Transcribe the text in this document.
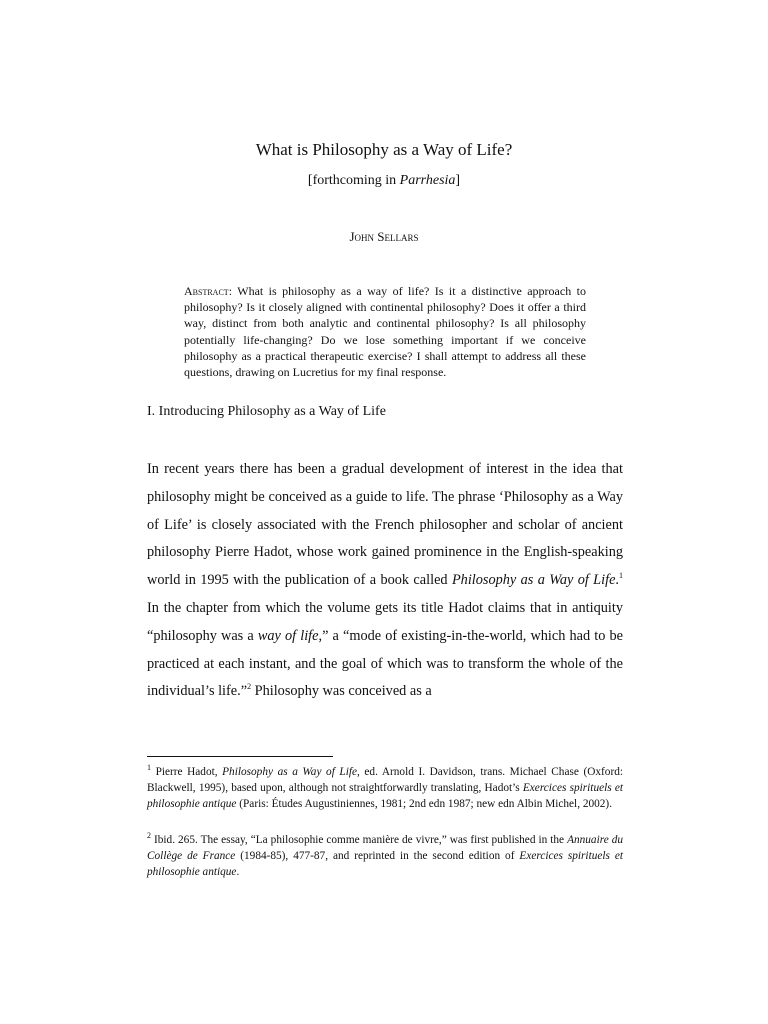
What is Philosophy as a Way of Life?
[forthcoming in Parrhesia]
John Sellars
Abstract: What is philosophy as a way of life? Is it a distinctive approach to philosophy? Is it closely aligned with continental philosophy? Does it offer a third way, distinct from both analytic and continental philosophy? Is all philosophy potentially life-changing? Do we lose something important if we conceive philosophy as a practical therapeutic exercise? I shall attempt to address all these questions, drawing on Lucretius for my final response.
I. Introducing Philosophy as a Way of Life
In recent years there has been a gradual development of interest in the idea that philosophy might be conceived as a guide to life. The phrase ‘Philosophy as a Way of Life’ is closely associated with the French philosopher and scholar of ancient philosophy Pierre Hadot, whose work gained prominence in the English-speaking world in 1995 with the publication of a book called Philosophy as a Way of Life.$^1$ In the chapter from which the volume gets its title Hadot claims that in antiquity “philosophy was a way of life,” a “mode of existing-in-the-world, which had to be practiced at each instant, and the goal of which was to transform the whole of the individual’s life.”$^2$ Philosophy was conceived as a
$^1$ Pierre Hadot, Philosophy as a Way of Life, ed. Arnold I. Davidson, trans. Michael Chase (Oxford: Blackwell, 1995), based upon, although not straightforwardly translating, Hadot’s Exercices spirituels et philosophie antique (Paris: Études Augustiniennes, 1981; 2nd edn 1987; new edn Albin Michel, 2002).
$^2$ Ibid. 265. The essay, “La philosophie comme manière de vivre,” was first published in the Annuaire du Collège de France (1984-85), 477-87, and reprinted in the second edition of Exercices spirituels et philosophie antique.
